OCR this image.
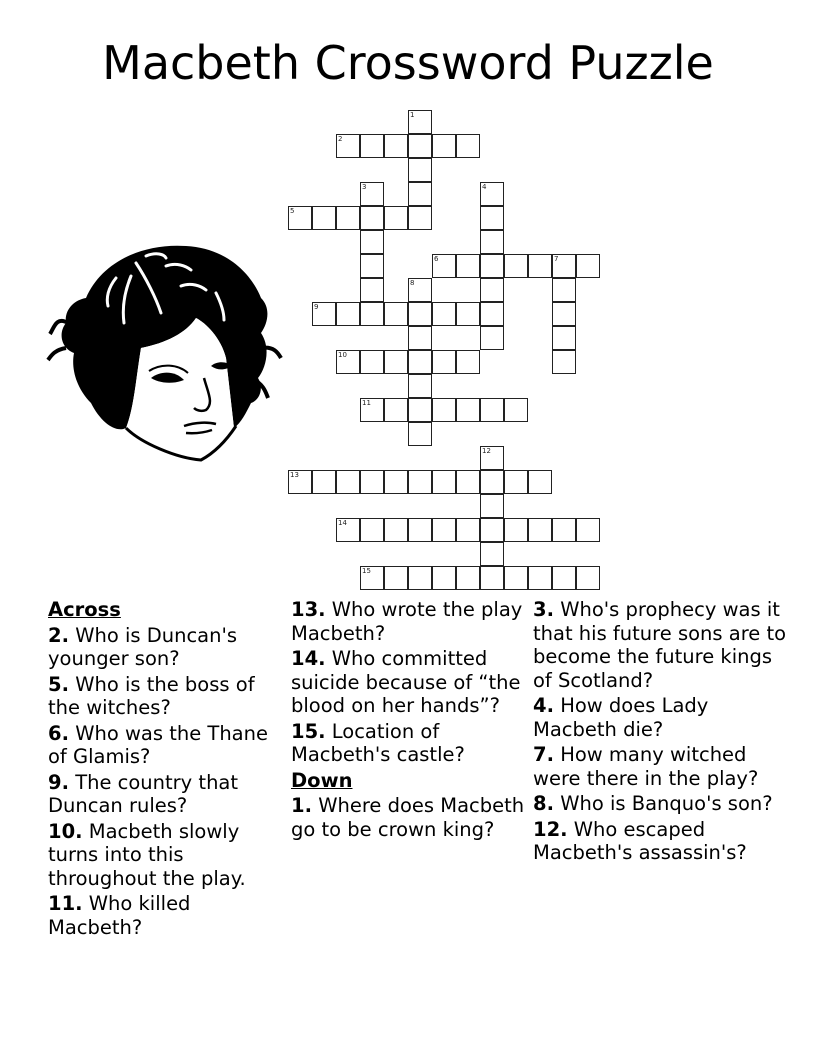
Macbeth Crossword Puzzle
1
2
3	4
5
6	7
8
9
10
11
12
13
14
15
Across
2. Who is Duncan's younger son?
5. Who is the boss of the witches?
6. Who was the Thane of Glamis?
9. The country that Duncan rules?
10. Macbeth slowly turns into this throughout the play.
11. Who killed Macbeth?
13. Who wrote the play Macbeth?
14. Who committed suicide because of “the blood on her hands”?
15. Location of Macbeth's castle?
Down
1. Where does Macbeth go to be crown king?
3. Who's prophecy was it that his future sons are to become the future kings of Scotland?
4. How does Lady Macbeth die?
7. How many witched were there in the play?
8. Who is Banquo's son?
12. Who escaped Macbeth's assassin's?
